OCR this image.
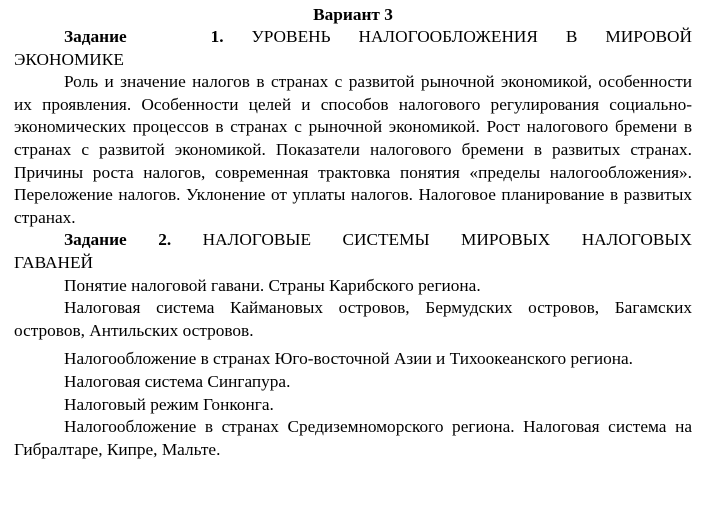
Вариант 3

Задание	1. УРОВЕНЬ НАЛОГООБЛОЖЕНИЯ В МИРОВОЙ

ЭКОНОМИКЕ

Роль и значение налогов в странах с развитой рыночной экономикой, особенности их проявления. Особенности целей и способов налогового регулирования социально-экономических процессов в странах с рыночной экономикой. Рост налогового бремени в странах с развитой экономикой. Показатели налогового бремени в развитых странах. Причины роста налогов, современная трактовка понятия «пределы налогообложения». Переложение налогов. Уклонение от уплаты налогов. Налоговое планирование в развитых странах.

Задание 2. НАЛОГОВЫЕ СИСТЕМЫ МИРОВЫХ НАЛОГОВЫХ

ГАВАНЕЙ

Понятие налоговой гавани. Страны Карибского региона.

Налоговая система Каймановых островов, Бермудских островов, Багамских островов, Антильских островов.

Налогообложение в странах Юго-восточной Азии и Тихоокеанского региона.

Налоговая система Сингапура.

Налоговый режим Гонконга.

Налогообложение в странах Средиземноморского региона. Налоговая система на Гибралтаре, Кипре, Мальте.
